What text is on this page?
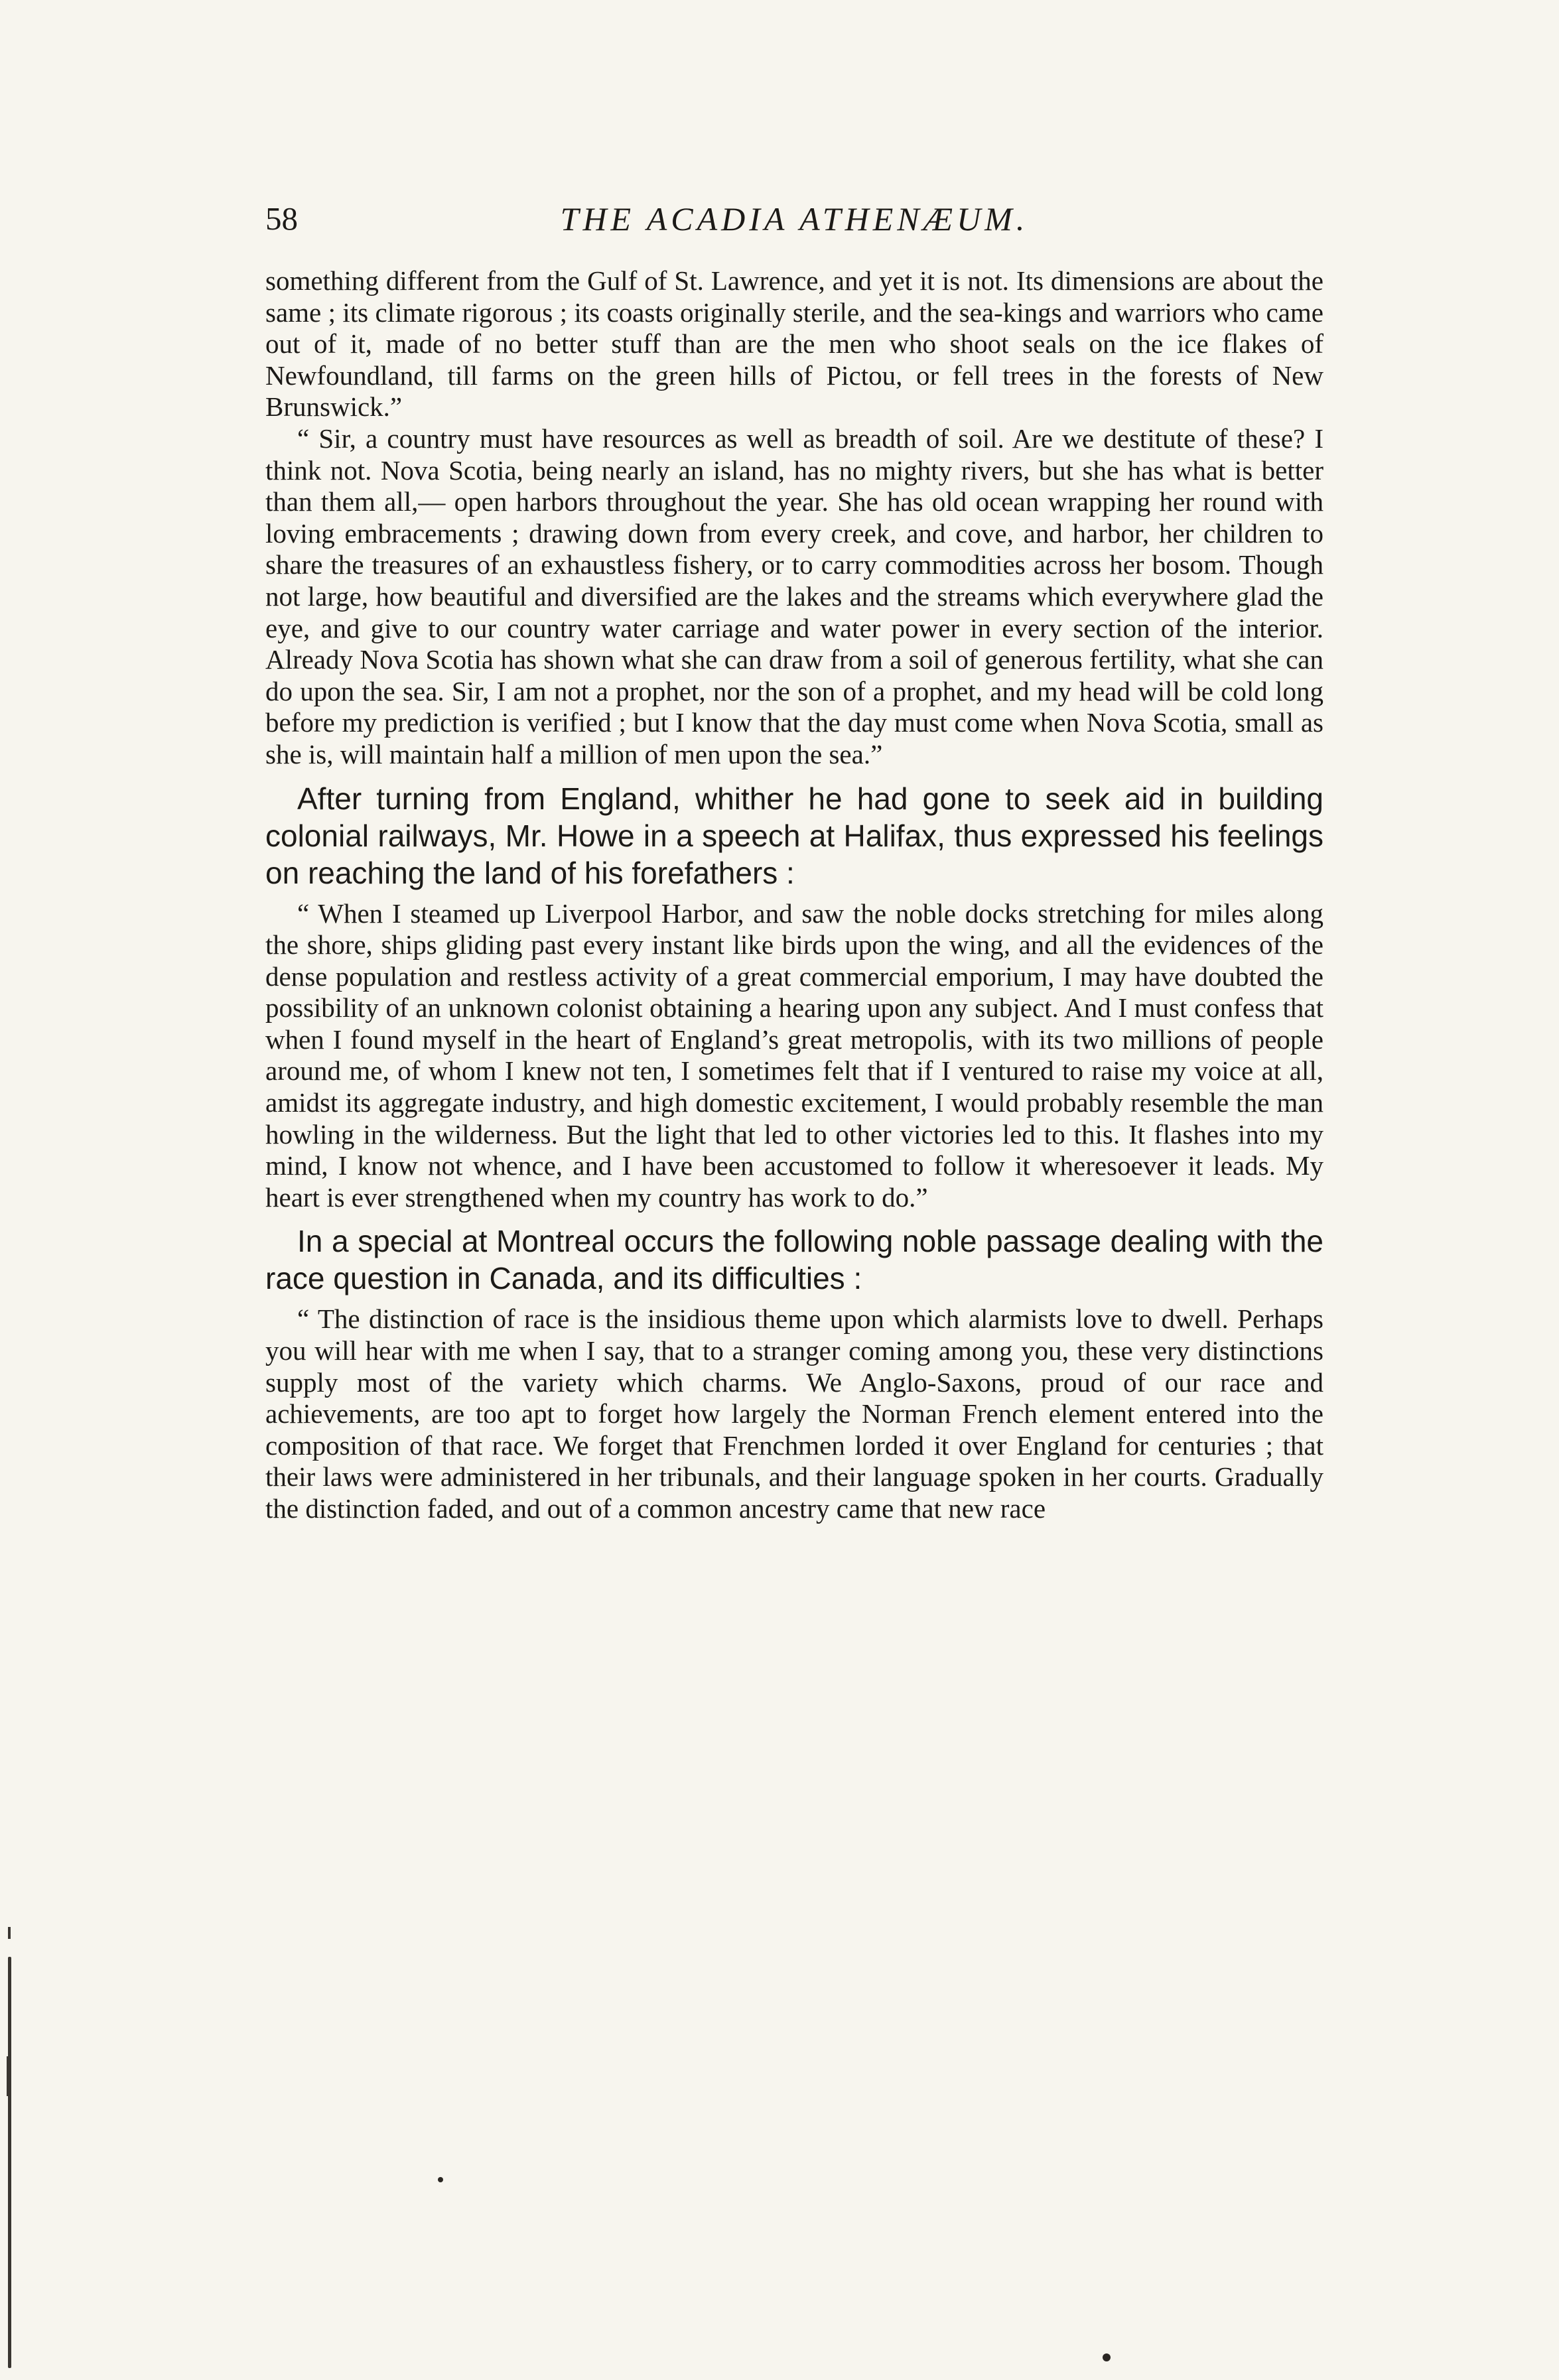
58	THE ACADIA ATHENÆUM.

something different from the Gulf of St. Lawrence, and yet it is not. Its dimensions are about the same ; its climate rigorous ; its coasts originally sterile, and the sea-kings and warriors who came out of it, made of no better stuff than are the men who shoot seals on the ice flakes of Newfoundland, till farms on the green hills of Pictou, or fell trees in the forests of New Brunswick.”

“ Sir, a country must have resources as well as breadth of soil. Are we destitute of these? I think not. Nova Scotia, being nearly an island, has no mighty rivers, but she has what is better than them all,— open harbors throughout the year. She has old ocean wrapping her round with loving embracements ; drawing down from every creek, and cove, and harbor, her children to share the treasures of an exhaustless fishery, or to carry commodities across her bosom. Though not large, how beautiful and diversified are the lakes and the streams which everywhere glad the eye, and give to our country water carriage and water power in every section of the interior. Already Nova Scotia has shown what she can draw from a soil of generous fertility, what she can do upon the sea. Sir, I am not a prophet, nor the son of a prophet, and my head will be cold long before my prediction is verified ; but I know that the day must come when Nova Scotia, small as she is, will maintain half a million of men upon the sea.”

After turning from England, whither he had gone to seek aid in building colonial railways, Mr. Howe in a speech at Halifax, thus expressed his feelings on reaching the land of his forefathers :

“ When I steamed up Liverpool Harbor, and saw the noble docks stretching for miles along the shore, ships gliding past every instant like birds upon the wing, and all the evidences of the dense population and restless activity of a great commercial emporium, I may have doubted the possibility of an unknown colonist obtaining a hearing upon any subject. And I must confess that when I found myself in the heart of England’s great metropolis, with its two millions of people around me, of whom I knew not ten, I sometimes felt that if I ventured to raise my voice at all, amidst its aggregate industry, and high domestic excitement, I would probably resemble the man howling in the wilderness. But the light that led to other victories led to this. It flashes into my mind, I know not whence, and I have been accustomed to follow it wheresoever it leads. My heart is ever strengthened when my country has work to do.”

In a special at Montreal occurs the following noble passage dealing with the race question in Canada, and its difficulties :

“ The distinction of race is the insidious theme upon which alarmists love to dwell. Perhaps you will hear with me when I say, that to a stranger coming among you, these very distinctions supply most of the variety which charms. We Anglo-Saxons, proud of our race and achievements, are too apt to forget how largely the Norman French element entered into the composition of that race. We forget that Frenchmen lorded it over England for centuries ; that their laws were administered in her tribunals, and their language spoken in her courts. Gradually the distinction faded, and out of a common ancestry came that new race
